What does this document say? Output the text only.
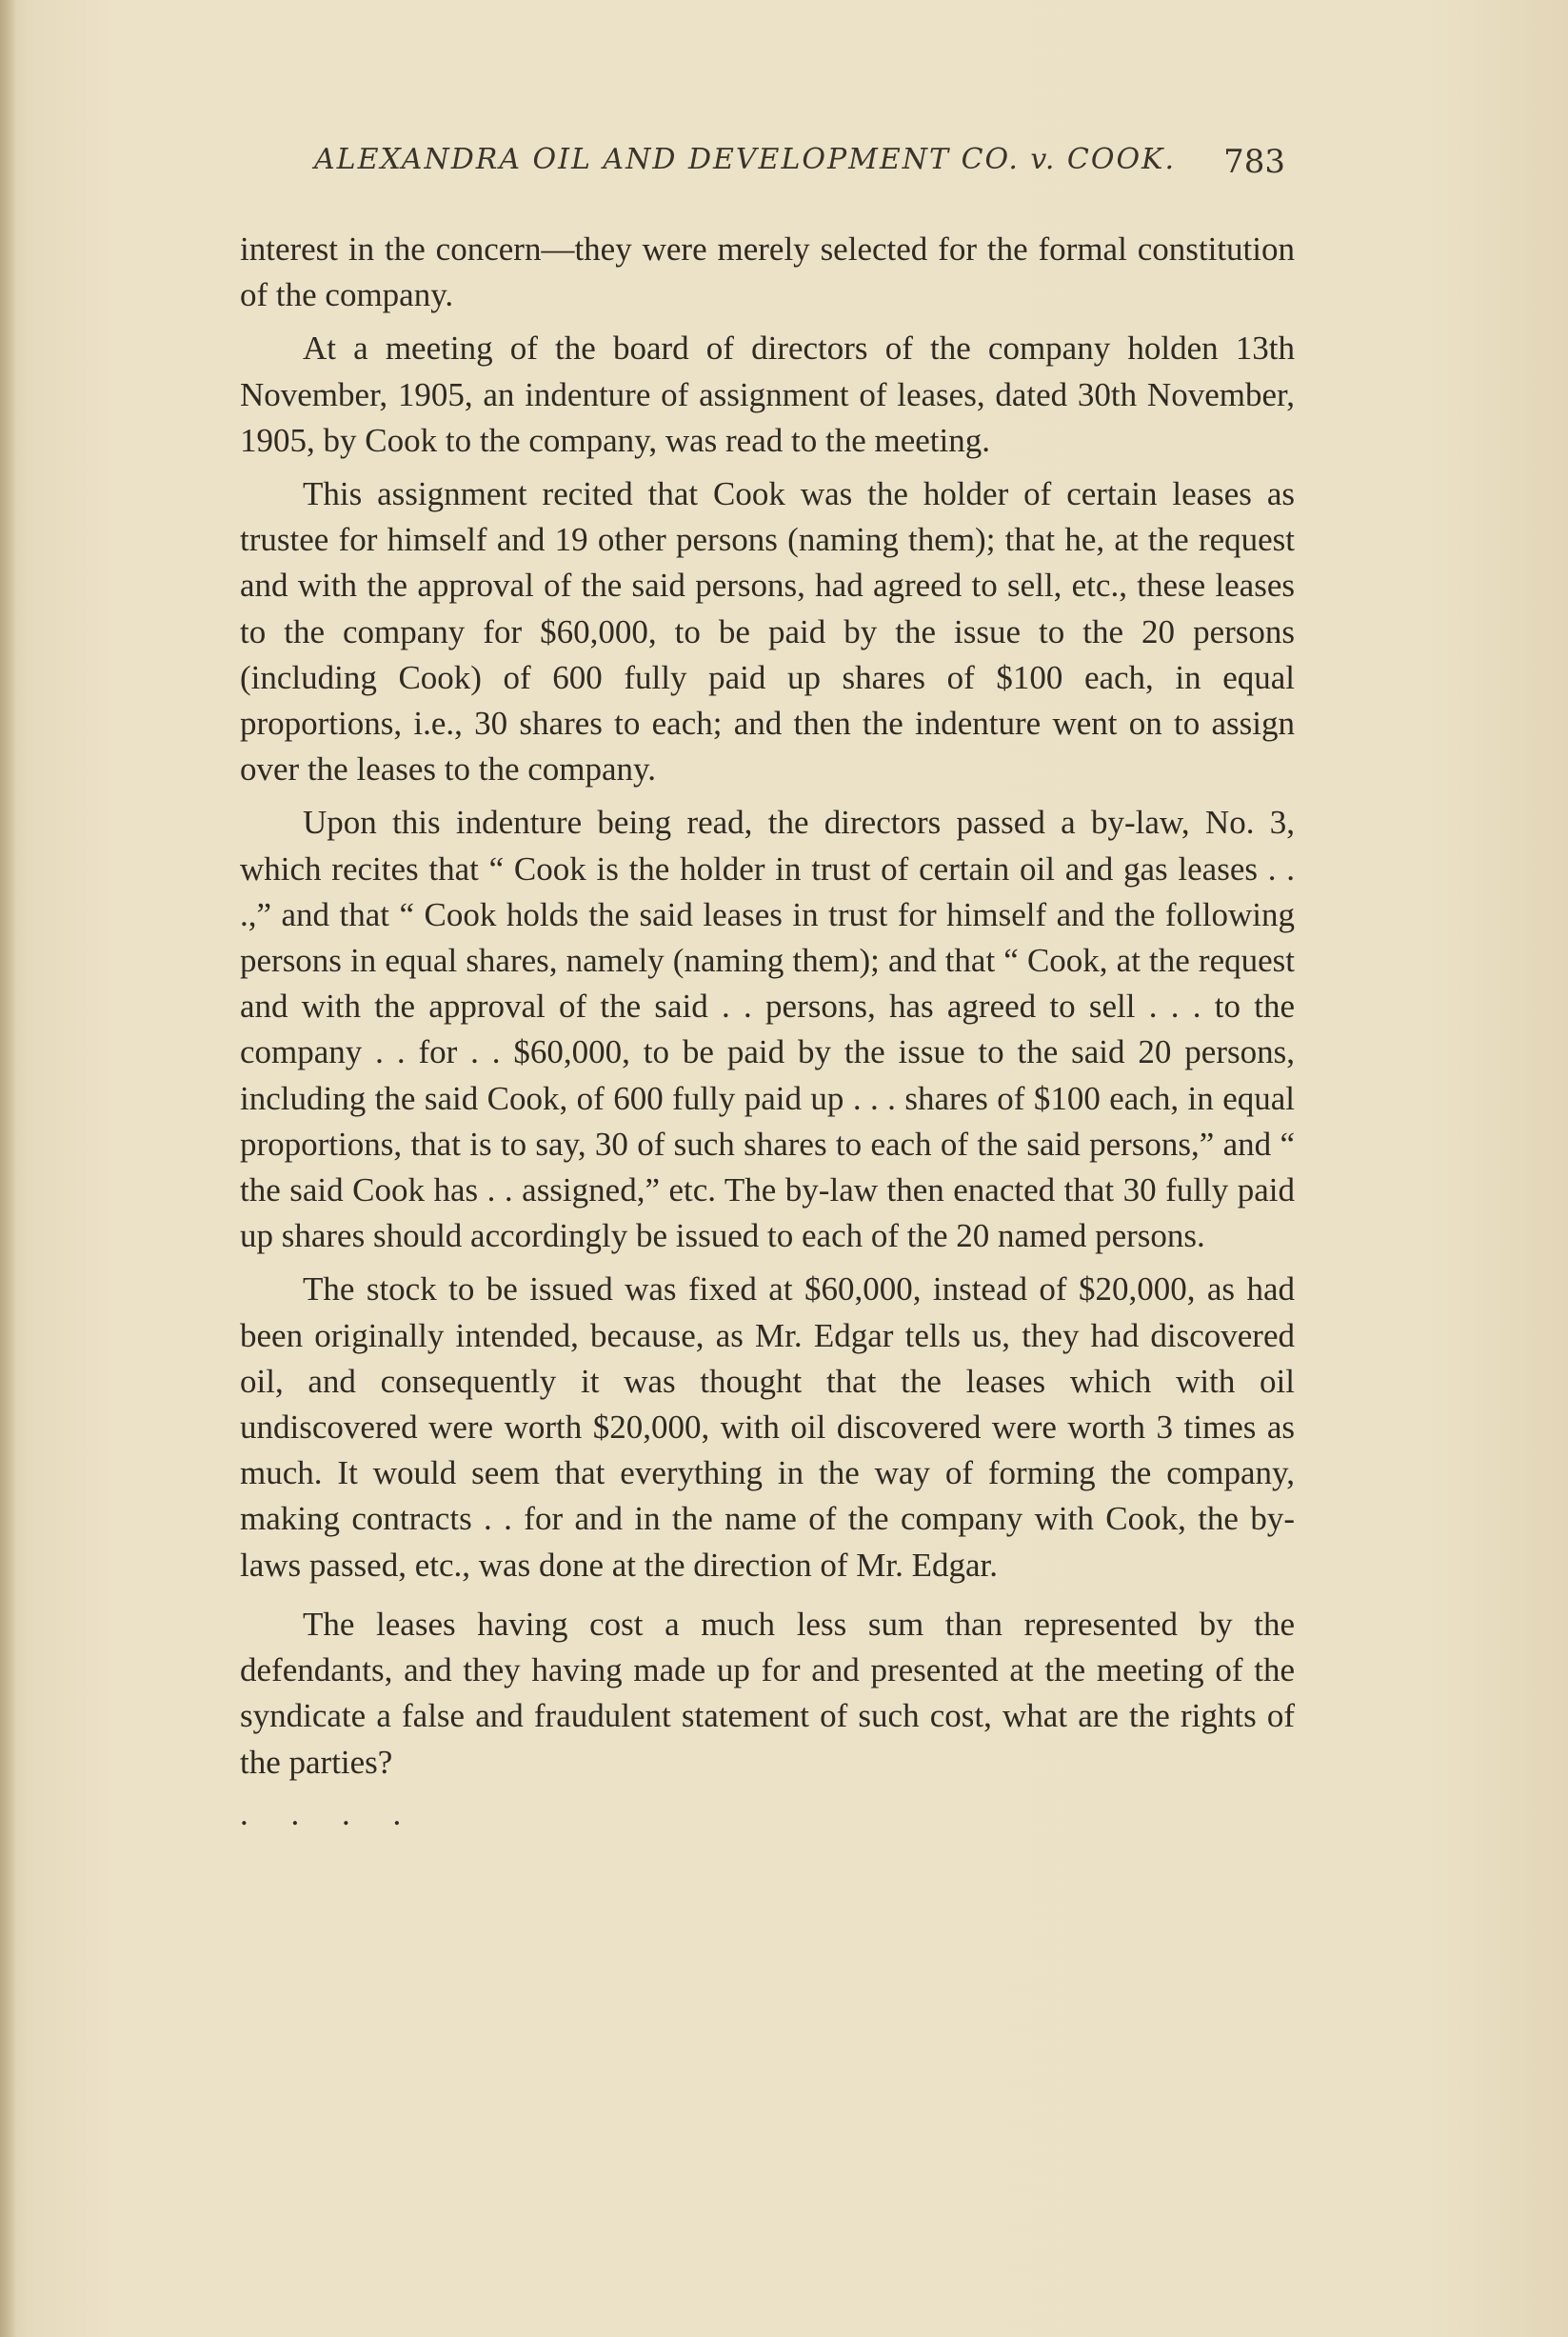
ALEXANDRA OIL AND DEVELOPMENT CO. v. COOK. 783

interest in the concern—they were merely selected for the formal constitution of the company.

At a meeting of the board of directors of the company holden 13th November, 1905, an indenture of assignment of leases, dated 30th November, 1905, by Cook to the company, was read to the meeting.

This assignment recited that Cook was the holder of certain leases as trustee for himself and 19 other persons (naming them); that he, at the request and with the approval of the said persons, had agreed to sell, etc., these leases to the company for $60,000, to be paid by the issue to the 20 persons (including Cook) of 600 fully paid up shares of $100 each, in equal proportions, i.e., 30 shares to each; and then the indenture went on to assign over the leases to the company.

Upon this indenture being read, the directors passed a by-law, No. 3, which recites that “ Cook is the holder in trust of certain oil and gas leases . . .,” and that “ Cook holds the said leases in trust for himself and the following persons in equal shares, namely (naming them); and that “ Cook, at the request and with the approval of the said . . persons, has agreed to sell . . . to the company . . for . . $60,000, to be paid by the issue to the said 20 persons, including the said Cook, of 600 fully paid up . . . shares of $100 each, in equal proportions, that is to say, 30 of such shares to each of the said persons,” and “ the said Cook has . . assigned,” etc. The by-law then enacted that 30 fully paid up shares should accordingly be issued to each of the 20 named persons.

The stock to be issued was fixed at $60,000, instead of $20,000, as had been originally intended, because, as Mr. Edgar tells us, they had discovered oil, and consequently it was thought that the leases which with oil undiscovered were worth $20,000, with oil discovered were worth 3 times as much. It would seem that everything in the way of forming the company, making contracts . . for and in the name of the company with Cook, the by-laws passed, etc., was done at the direction of Mr. Edgar.

The leases having cost a much less sum than represented by the defendants, and they having made up for and presented at the meeting of the syndicate a false and fraudulent statement of such cost, what are the rights of the parties?

. . . .
